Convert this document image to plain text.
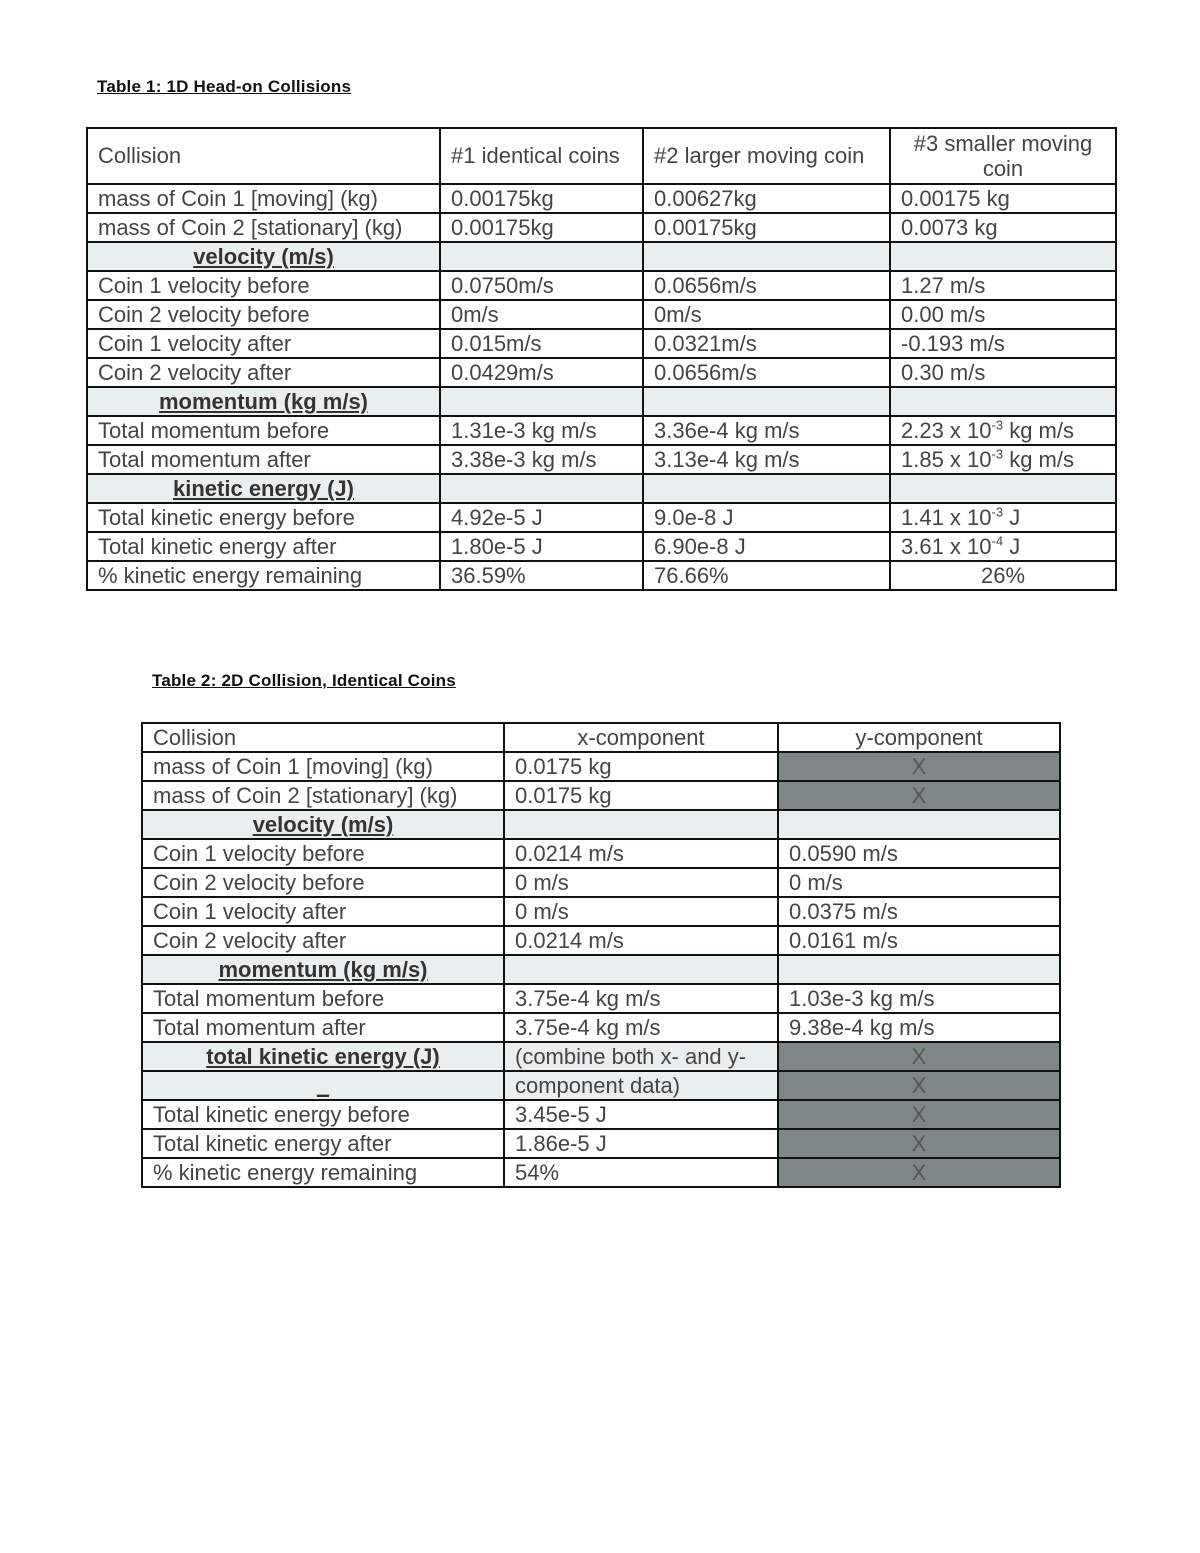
Table 1: 1D Head-on Collisions
Collision	#1 identical coins	#2 larger moving coin	#3 smaller moving coin
mass of Coin 1 [moving] (kg)	0.00175kg	0.00627kg	0.00175 kg
mass of Coin 2 [stationary] (kg)	0.00175kg	0.00175kg	0.0073 kg
velocity (m/s)			
Coin 1 velocity before	0.0750m/s	0.0656m/s	1.27 m/s
Coin 2 velocity before	0m/s	0m/s	0.00 m/s
Coin 1 velocity after	0.015m/s	0.0321m/s	-0.193 m/s
Coin 2 velocity after	0.0429m/s	0.0656m/s	0.30 m/s
momentum (kg m/s)			
Total momentum before	1.31e-3 kg m/s	3.36e-4 kg m/s	2.23 x $10^{-3}$ kg m/s
Total momentum after	3.38e-3 kg m/s	3.13e-4 kg m/s	1.85 x $10^{-3}$ kg m/s
kinetic energy (J)			
Total kinetic energy before	4.92e-5 J	9.0e-8 J	1.41 x $10^{-3}$ J
Total kinetic energy after	1.80e-5 J	6.90e-8 J	3.61 x $10^{-4}$ J
% kinetic energy remaining	36.59%	76.66%	26%
Table 2: 2D Collision, Identical Coins
Collision	x-component	y-component
mass of Coin 1 [moving] (kg)	0.0175 kg	X
mass of Coin 2 [stationary] (kg)	0.0175 kg	X
velocity (m/s)		
Coin 1 velocity before	0.0214 m/s	0.0590 m/s
Coin 2 velocity before	0 m/s	0 m/s
Coin 1 velocity after	0 m/s	0.0375 m/s
Coin 2 velocity after	0.0214 m/s	0.0161 m/s
momentum (kg m/s)		
Total momentum before	3.75e-4 kg m/s	1.03e-3 kg m/s
Total momentum after	3.75e-4 kg m/s	9.38e-4 kg m/s
total kinetic energy (J)	(combine both x- and y-	X
_	component data)	X
Total kinetic energy before	3.45e-5 J	X
Total kinetic energy after	1.86e-5 J	X
% kinetic energy remaining	54%	X
